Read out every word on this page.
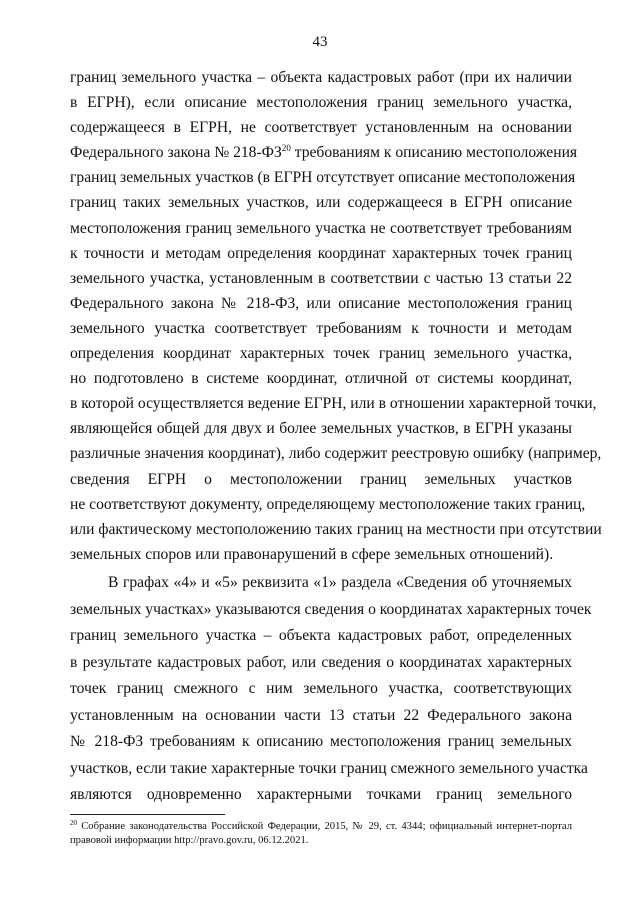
43
границ земельного участка – объекта кадастровых работ (при их наличии
в ЕГРН), если описание местоположения границ земельного участка,
содержащееся в ЕГРН, не соответствует установленным на основании
Федерального закона № 218-ФЗ$^{20}$ требованиям к описанию местоположения
границ земельных участков (в ЕГРН отсутствует описание местоположения
границ таких земельных участков, или содержащееся в ЕГРН описание
местоположения границ земельного участка не соответствует требованиям
к точности и методам определения координат характерных точек границ
земельного участка, установленным в соответствии с частью 13 статьи 22
Федерального закона № 218-ФЗ, или описание местоположения границ
земельного участка соответствует требованиям к точности и методам
определения координат характерных точек границ земельного участка,
но подготовлено в системе координат, отличной от системы координат,
в которой осуществляется ведение ЕГРН, или в отношении характерной точки,
являющейся общей для двух и более земельных участков, в ЕГРН указаны
различные значения координат), либо содержит реестровую ошибку (например,
сведения ЕГРН о местоположении границ земельных участков
не соответствуют документу, определяющему местоположение таких границ,
или фактическому местоположению таких границ на местности при отсутствии
земельных споров или правонарушений в сфере земельных отношений).
В графах «4» и «5» реквизита «1» раздела «Сведения об уточняемых
земельных участках» указываются сведения о координатах характерных точек
границ земельного участка – объекта кадастровых работ, определенных
в результате кадастровых работ, или сведения о координатах характерных
точек границ смежного с ним земельного участка, соответствующих
установленным на основании части 13 статьи 22 Федерального закона
№ 218-ФЗ требованиям к описанию местоположения границ земельных
участков, если такие характерные точки границ смежного земельного участка
являются одновременно характерными точками границ земельного
$^{20}$ Собрание законодательства Российской Федерации, 2015, № 29, ст. 4344; официальный интернет-портал
правовой информации http://pravo.gov.ru, 06.12.2021.
